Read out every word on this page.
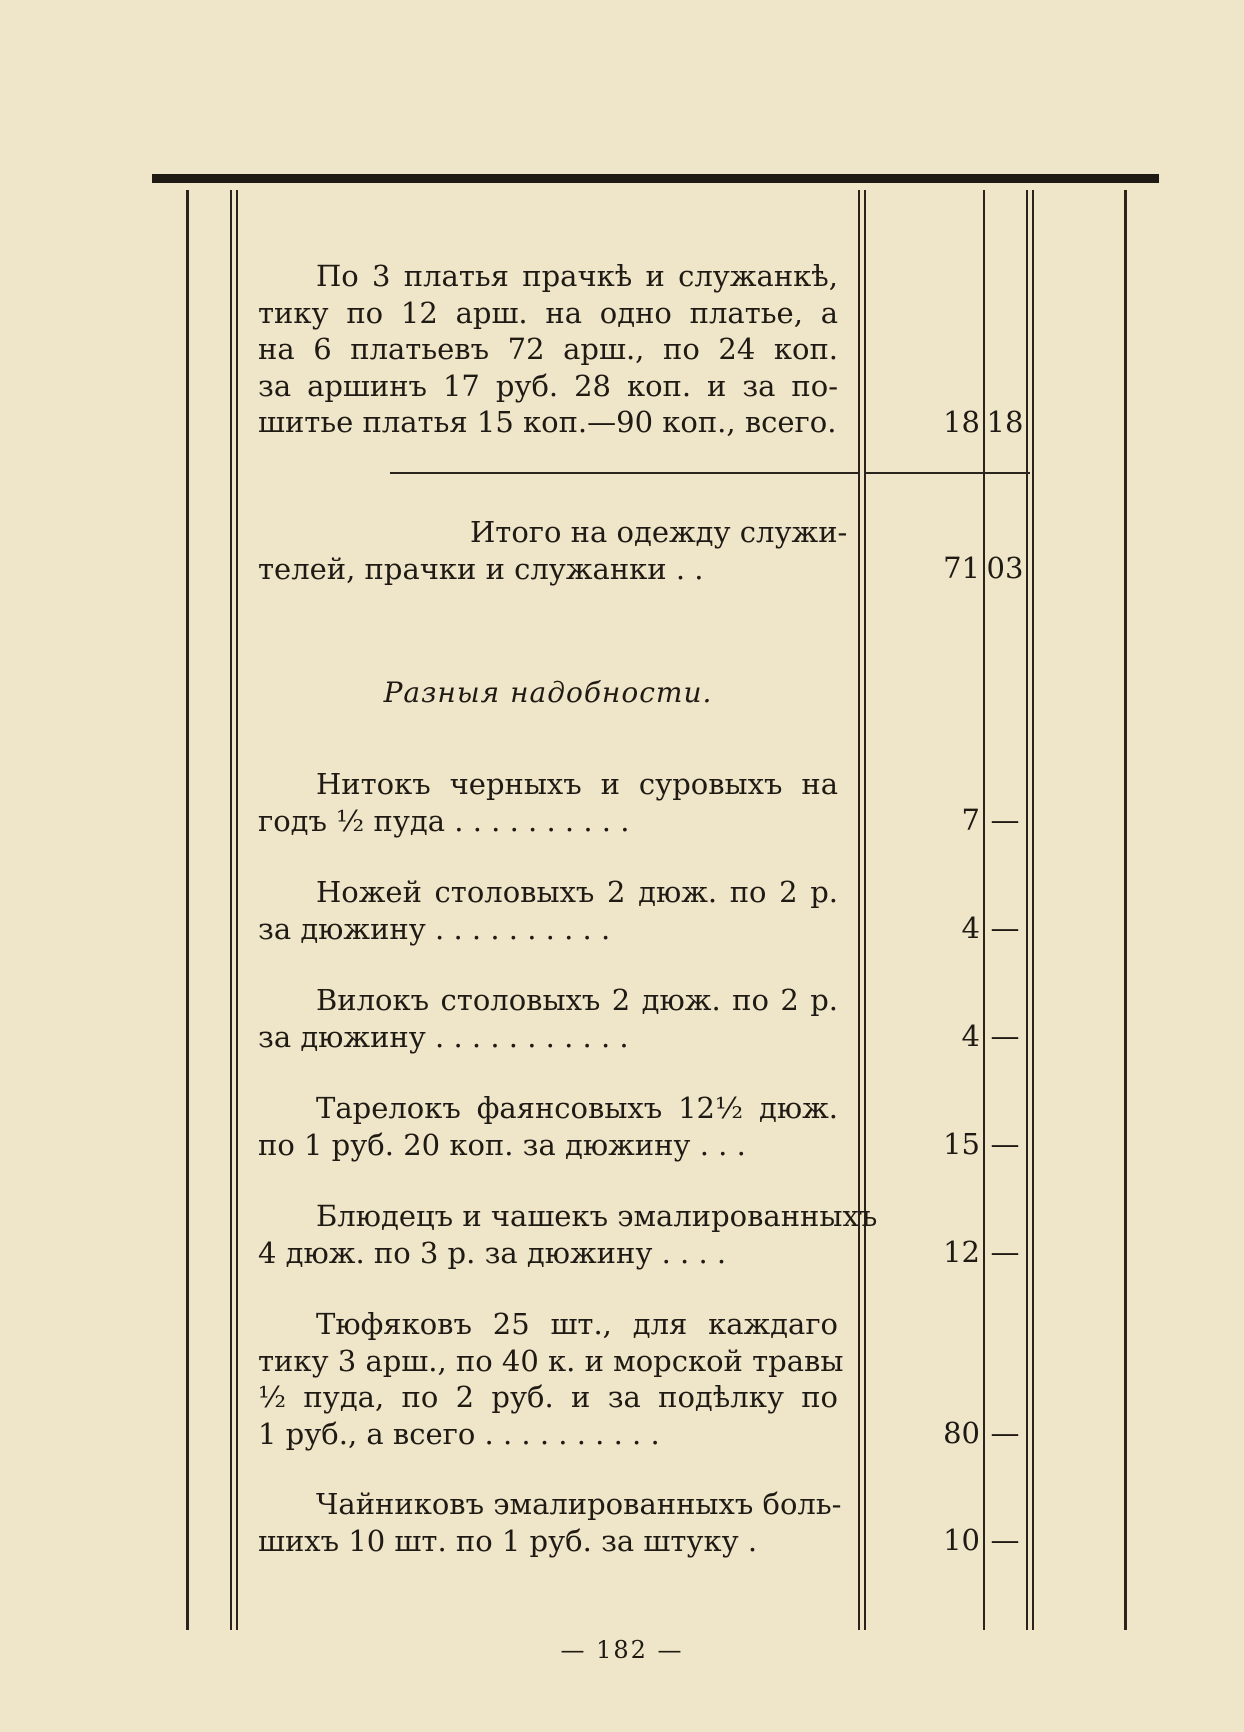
По 3 платья прачкѣ и служанкѣ,
тику по 12 арш. на одно платье, а
на 6 платьевъ 72 арш., по 24 коп.
за аршинъ 17 руб. 28 коп. и за по-
шитье платья 15 коп.—90 коп., всего.	18 18
Итого на одежду служи-
телей, прачки и служанки . .	71 03
Разныя надобности.
Нитокъ черныхъ и суровыхъ на
годъ ½ пуда . . . . . . . . . .	7 —
Ножей столовыхъ 2 дюж. по 2 р.
за дюжину . . . . . . . . . .	4 —
Вилокъ столовыхъ 2 дюж. по 2 р.
за дюжину . . . . . . . . . . .	4 —
Тарелокъ фаянсовыхъ 12½ дюж.
по 1 руб. 20 коп. за дюжину . . .	15 —
Блюдецъ и чашекъ эмалированныхъ
4 дюж. по 3 р. за дюжину . . . .	12 —
Тюфяковъ 25 шт., для каждаго
тику 3 арш., по 40 к. и морской травы
½ пуда, по 2 руб. и за подѣлку по
1 руб., а всего . . . . . . . . . .	80 —
Чайниковъ эмалированныхъ боль-
шихъ 10 шт. по 1 руб. за штуку .	10 —
— 182 —
